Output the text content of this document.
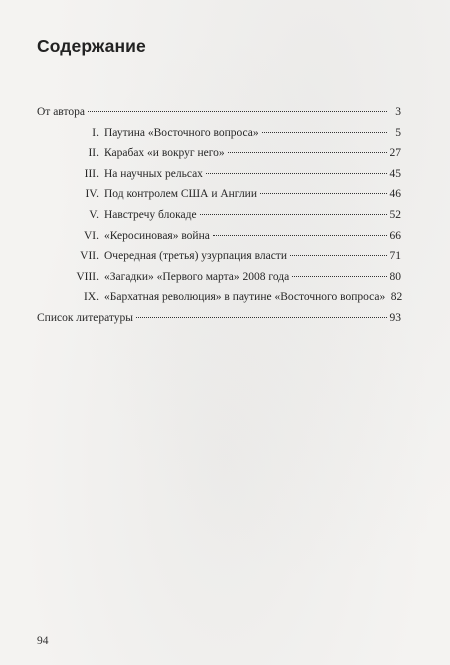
Содержание
От автора	3
I. Паутина «Восточного вопроса»	5
II. Карабах «и вокруг него»	27
III. На научных рельсах	45
IV. Под контролем США и Англии	46
V. Навстречу блокаде	52
VI. «Керосиновая» война	66
VII. Очередная (третья) узурпация власти	71
VIII. «Загадки» «Первого марта» 2008 года	80
IX. «Бархатная революция» в паутине «Восточного вопроса» 82
Список литературы	93
94
